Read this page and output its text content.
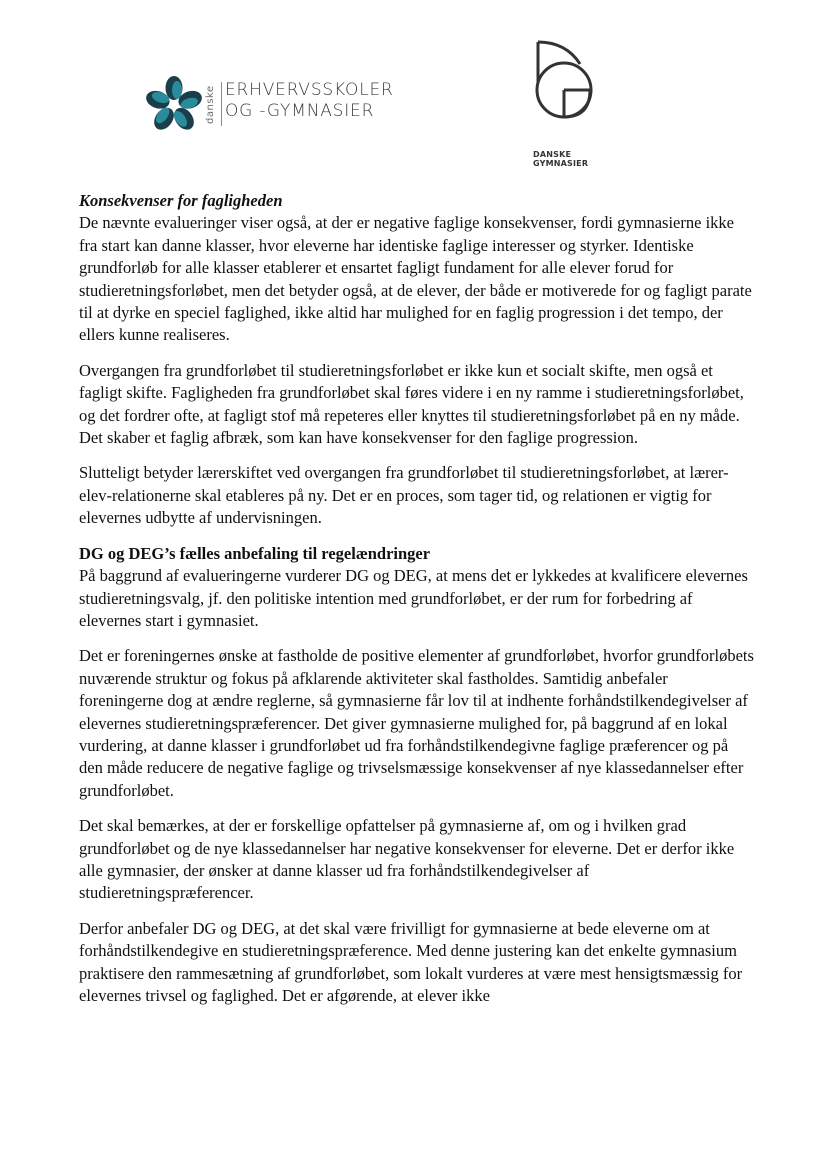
danske ERHVERVSSKOLER
OG -GYMNASIER
DANSKE
GYMNASIER
Konsekvenser for fagligheden

De nævnte evalueringer viser også, at der er negative faglige konsekvenser, fordi gymnasierne ikke fra start kan danne klasser, hvor eleverne har identiske faglige interesser og styrker. Identiske grundforløb for alle klasser etablerer et ensartet fagligt fundament for alle elever forud for studieretningsforløbet, men det betyder også, at de elever, der både er motiverede for og fagligt parate til at dyrke en speciel faglighed, ikke altid har mulighed for en faglig progression i det tempo, der ellers kunne realiseres.

Overgangen fra grundforløbet til studieretningsforløbet er ikke kun et socialt skifte, men også et fagligt skifte. Fagligheden fra grundforløbet skal føres videre i en ny ramme i studieretningsforløbet, og det fordrer ofte, at fagligt stof må repeteres eller knyttes til studieretningsforløbet på en ny måde. Det skaber et faglig afbræk, som kan have konsekvenser for den faglige progression.

Slutteligt betyder lærerskiftet ved overgangen fra grundforløbet til studieretningsforløbet, at lærer-elev-relationerne skal etableres på ny. Det er en proces, som tager tid, og relationen er vigtig for elevernes udbytte af undervisningen.

DG og DEG’s fælles anbefaling til regelændringer

På baggrund af evalueringerne vurderer DG og DEG, at mens det er lykkedes at kvalificere elevernes studieretningsvalg, jf. den politiske intention med grundforløbet, er der rum for forbedring af elevernes start i gymnasiet.

Det er foreningernes ønske at fastholde de positive elementer af grundforløbet, hvorfor grundforløbets nuværende struktur og fokus på afklarende aktiviteter skal fastholdes. Samtidig anbefaler foreningerne dog at ændre reglerne, så gymnasierne får lov til at indhente forhåndstilkendegivelser af elevernes studieretningspræferencer. Det giver gymnasierne mulighed for, på baggrund af en lokal vurdering, at danne klasser i grundforløbet ud fra forhåndstilkendegivne faglige præferencer og på den måde reducere de negative faglige og trivselsmæssige konsekvenser af nye klassedannelser efter grundforløbet.

Det skal bemærkes, at der er forskellige opfattelser på gymnasierne af, om og i hvilken grad grundforløbet og de nye klassedannelser har negative konsekvenser for eleverne. Det er derfor ikke alle gymnasier, der ønsker at danne klasser ud fra forhåndstilkendegivelser af studieretningspræferencer.

Derfor anbefaler DG og DEG, at det skal være frivilligt for gymnasierne at bede eleverne om at forhåndstilkendegive en studieretningspræference. Med denne justering kan det enkelte gymnasium praktisere den rammesætning af grundforløbet, som lokalt vurderes at være mest hensigtsmæssig for elevernes trivsel og faglighed. Det er afgørende, at elever ikke
